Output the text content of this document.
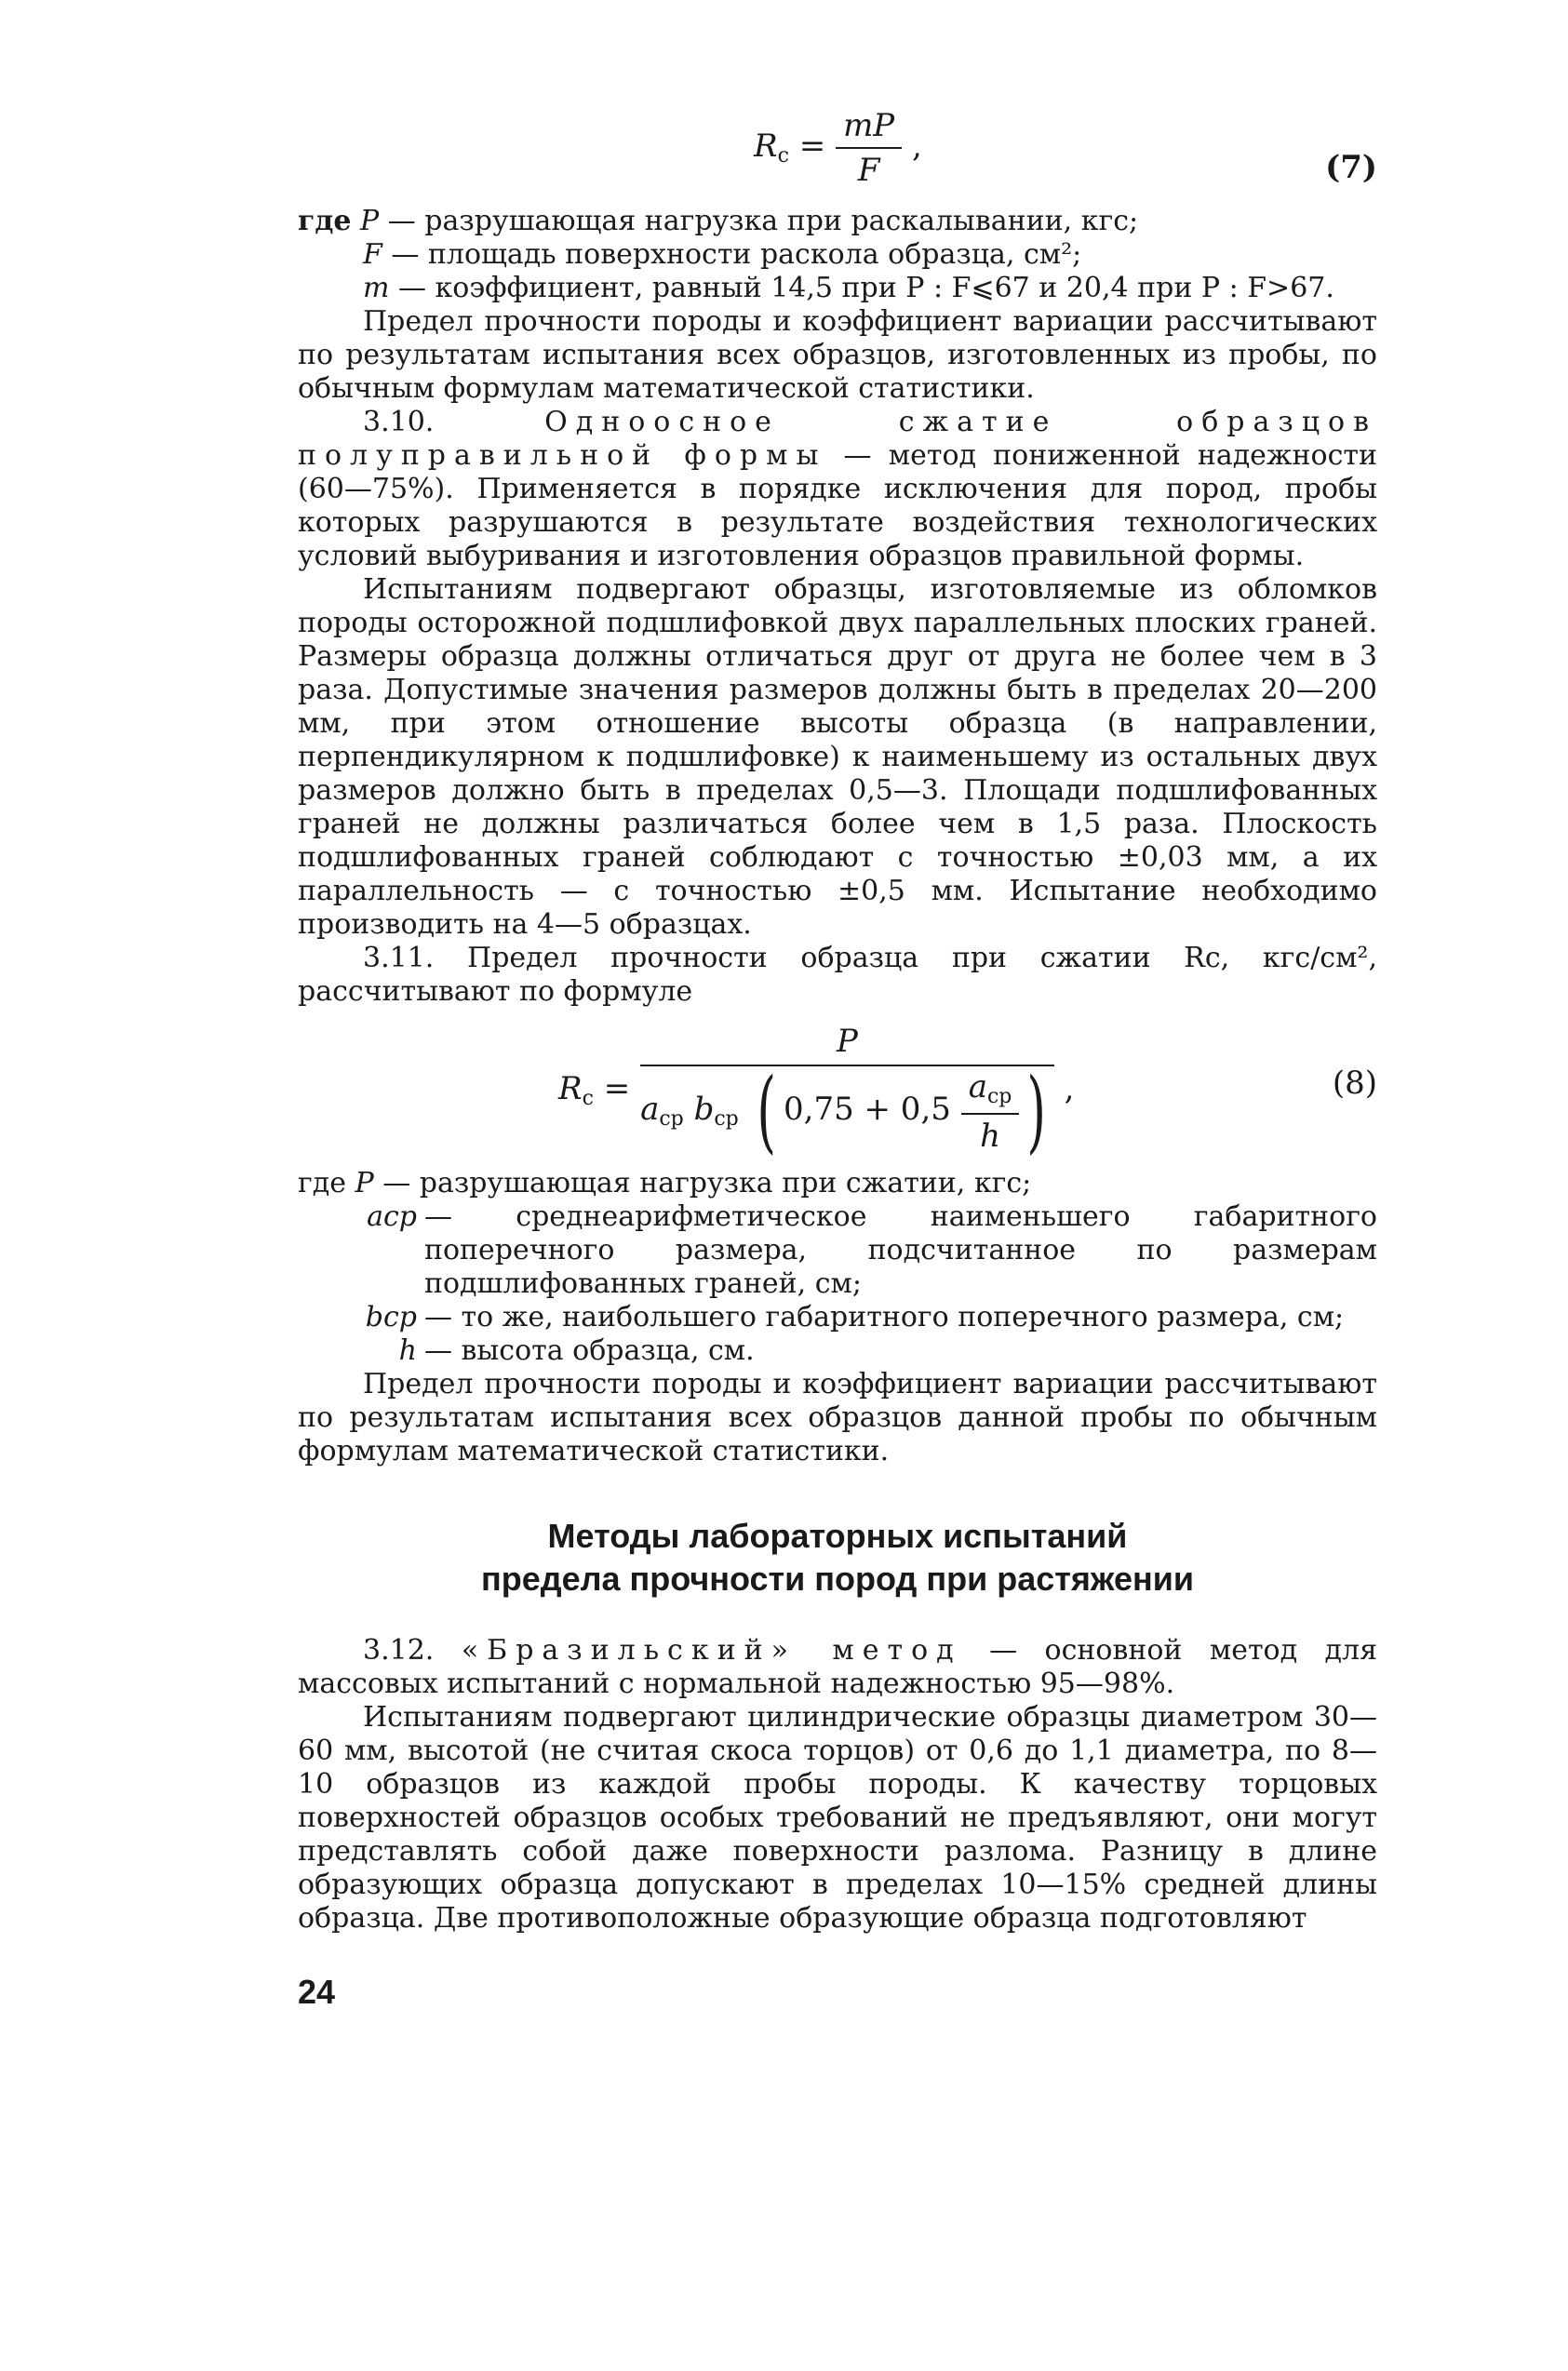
$R_c = \frac{mP}{F}$ ,
(7)
где P — разрушающая нагрузка при раскалывании, кгс;
F — площадь поверхности раскола образца, см²;
m — коэффициент, равный 14,5 при P : F⩽67 и 20,4 при P : F>67.

Предел прочности породы и коэффициент вариации рассчитывают по результатам испытания всех образцов, изготовленных из пробы, по обычным формулам математической статистики.

3.10.	Одноосное сжатие образцов полуправильной формы — метод пониженной надежности (60—75%). Применяется в порядке исключения для пород, пробы которых разрушаются в результате воздействия технологических условий выбуривания и изготовления образцов правильной формы.

Испытаниям подвергают образцы, изготовляемые из обломков породы осторожной подшлифовкой двух параллельных плоских граней. Размеры образца должны отличаться друг от друга не более чем в 3 раза. Допустимые значения размеров должны быть в пределах 20—200 мм, при этом отношение высоты образца (в направлении, перпендикулярном к подшлифовке) к наименьшему из остальных двух размеров должно быть в пределах 0,5—3. Площади подшлифованных граней не должны различаться более чем в 1,5 раза. Плоскость подшлифованных граней соблюдают с точностью ±0,03 мм, а их параллельность — с точностью ±0,5 мм. Испытание необходимо производить на 4—5 образцах.

3.11. Предел прочности образца при сжатии Rc, кгс/см², рассчитывают по формуле

$R_c$ =
P
$a_{ср}$ $b_{ср}$ ( $0,75 + 0,5 \frac{a_{ср}}{h}$ ) ,	(8)
где P — разрушающая нагрузка при сжатии, кгс;
aср — среднеарифметическое наименьшего габаритного поперечного размера, подсчитанное по размерам подшлифованных граней, см;
bср — то же, наибольшего габаритного поперечного размера, см;
h — высота образца, см.

Предел прочности породы и коэффициент вариации рассчитывают по результатам испытания всех образцов данной пробы по обычным формулам математической статистики.

Методы лабораторных испытаний
предела прочности пород при растяжении

3.12. «Бразильский» метод — основной метод для массовых испытаний с нормальной надежностью 95—98%.

Испытаниям подвергают цилиндрические образцы диаметром 30—60 мм, высотой (не считая скоса торцов) от 0,6 до 1,1 диаметра, по 8—10 образцов из каждой пробы породы. К качеству торцовых поверхностей образцов особых требований не предъявляют, они могут представлять собой даже поверхности разлома. Разницу в длине образующих образца допускают в пределах 10—15% средней длины образца. Две противоположные образующие образца подготовляют

24
